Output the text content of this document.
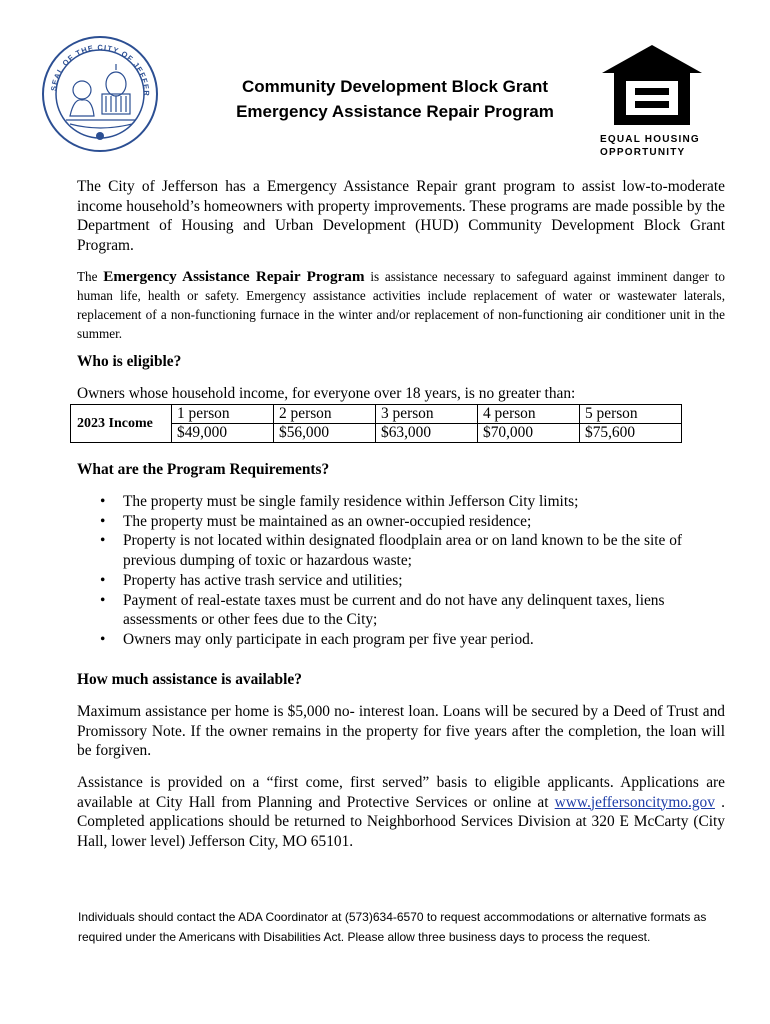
SEAL OF THE CITY OF JEFFER	Community Development Block Grant
Emergency Assistance Repair Program
EQUAL HOUSING
OPPORTUNITY
The City of Jefferson has a Emergency Assistance Repair grant program to assist low-to-moderate income household’s homeowners with property improvements. These programs are made possible by the Department of Housing and Urban Development (HUD) Community Development Block Grant Program.
The Emergency Assistance Repair Program is assistance necessary to safeguard against imminent danger to human life, health or safety. Emergency assistance activities include replacement of water or wastewater laterals, replacement of a non-functioning furnace in the winter and/or replacement of non-functioning air conditioner unit in the summer.
Who is eligible?
Owners whose household income, for everyone over 18 years, is no greater than:
2023 Income	1 person	2 person	3 person	4 person	5 person
	$49,000	$56,000	$63,000	$70,000	$75,600
What are the Program Requirements?
• The property must be single family residence within Jefferson City limits;
• The property must be maintained as an owner-occupied residence;
• Property is not located within designated floodplain area or on land known to be the site of previous dumping of toxic or hazardous waste;
• Property has active trash service and utilities;
• Payment of real-estate taxes must be current and do not have any delinquent taxes, liens assessments or other fees due to the City;
• Owners may only participate in each program per five year period.
How much assistance is available?
Maximum assistance per home is $5,000 no- interest loan. Loans will be secured by a Deed of Trust and Promissory Note. If the owner remains in the property for five years after the completion, the loan will be forgiven.
Assistance is provided on a “first come, first served” basis to eligible applicants. Applications are available at City Hall from Planning and Protective Services or online at www.jeffersoncitymo.gov . Completed applications should be returned to Neighborhood Services Division at 320 E McCarty (City Hall, lower level) Jefferson City, MO 65101.
Individuals should contact the ADA Coordinator at (573)634-6570 to request accommodations or alternative formats as required under the Americans with Disabilities Act. Please allow three business days to process the request.
